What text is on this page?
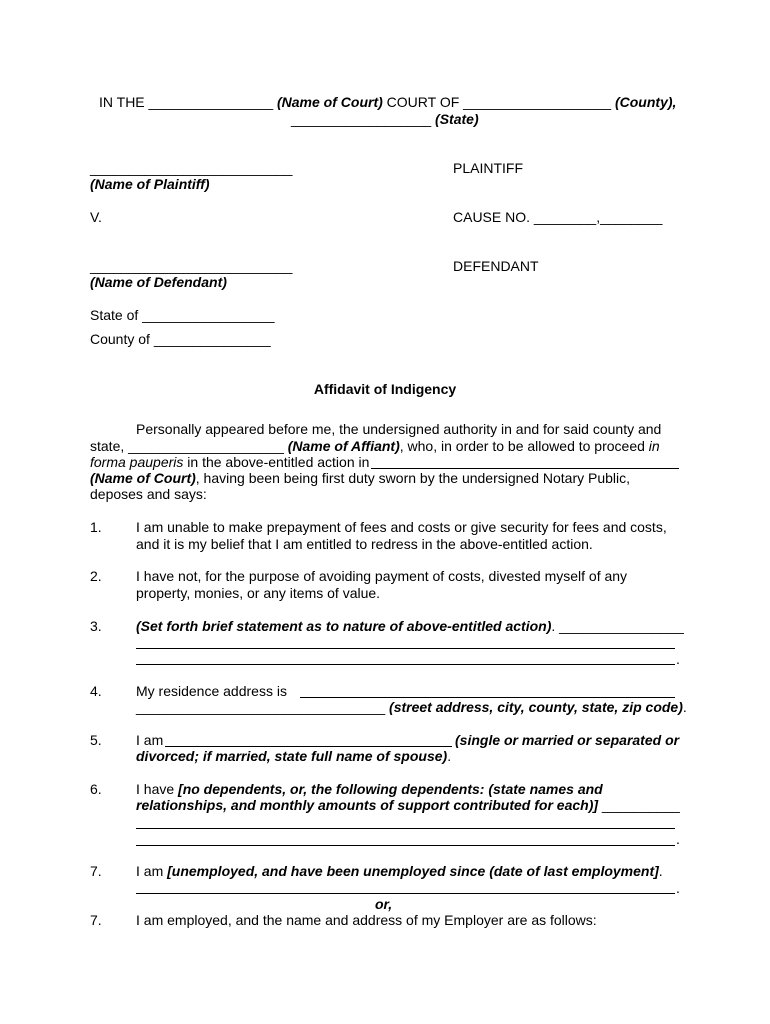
IN THE ________________ (Name of Court) COURT OF ___________________ (County),
__________________ (State)
__________________________
(Name of Plaintiff)
PLAINTIFF
V.	CAUSE NO. ________,________
__________________________
(Name of Defendant)
DEFENDANT
State of _________________
County of _______________
Affidavit of Indigency
Personally appeared before me, the undersigned authority in and for said county and
state, ____________________ (Name of Affiant), who, in order to be allowed to proceed in
forma pauperis in the above-entitled action in
(Name of Court), having been being first duty sworn by the undersigned Notary Public,
deposes and says:
1. I am unable to make prepayment of fees and costs or give security for fees and costs,
and it is my belief that I am entitled to redress in the above-entitled action.
2. I have not, for the purpose of avoiding payment of costs, divested myself of any
property, monies, or any items of value.
3. (Set forth brief statement as to nature of above-entitled action). ________________
.
4. My residence address is
________________________________ (street address, city, county, state, zip code).
5. I am	(single or married or separated or
divorced; if married, state full name of spouse).
6. I have [no dependents, or, the following dependents: (state names and
relationships, and monthly amounts of support contributed for each)] __________
.
7. I am [unemployed, and have been unemployed since (date of last employment].
.
or,
7. I am employed, and the name and address of my Employer are as follows:
